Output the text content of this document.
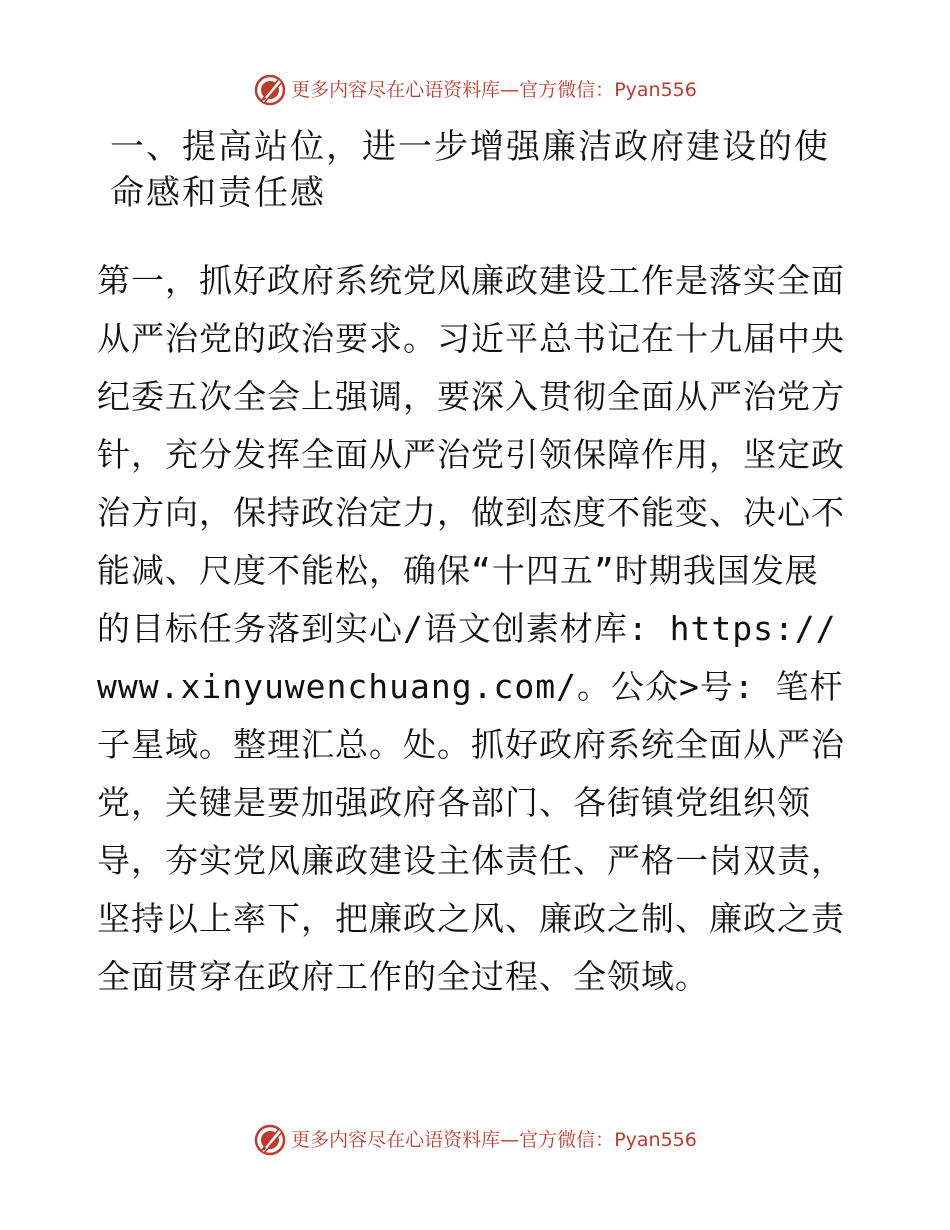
更多内容尽在心语资料库 — 官方微信： Pyan556
一、提高站位，进一步增强廉洁政府建设的使命感和责任感

第一，抓好政府系统党风廉政建设工作是落实全面从严治党的政治要求。习近平总书记在十九届中央纪委五次全会上强调，要深入贯彻全面从严治党方针，充分发挥全面从严治党引领保障作用，坚定政治方向，保持政治定力，做到态度不能变、决心不能减、尺度不能松，确保“十四五”时期我国发展的目标任务落到实心/语文创素材库: https://www.xinyuwenchuang.com/。公众>号: 笔杆子星域。整理汇总。处。抓好政府系统全面从严治党，关键是要加强政府各部门、各街镇党组织领导，夯实党风廉政建设主体责任、严格一岗双责，坚持以上率下，把廉政之风、廉政之制、廉政之责全面贯穿在政府工作的全过程、全领域。

更多内容尽在心语资料库 — 官方微信： Pyan556
